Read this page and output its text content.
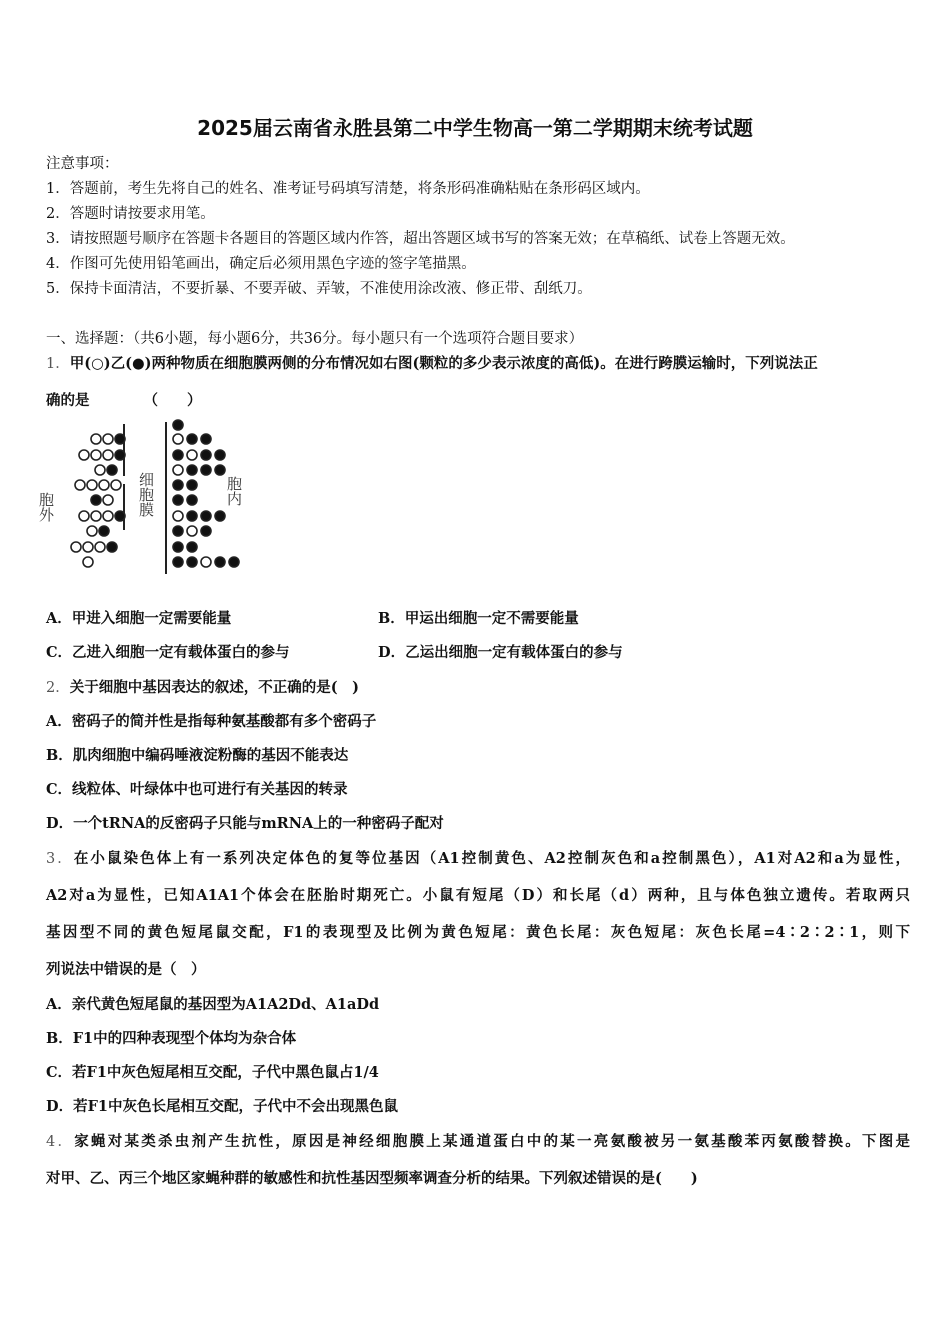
2025届云南省永胜县第二中学生物高一第二学期期末统考试题
注意事项：
1．答题前，考生先将自己的姓名、准考证号码填写清楚，将条形码准确粘贴在条形码区域内。
2．答题时请按要求用笔。
3．请按照题号顺序在答题卡各题目的答题区域内作答，超出答题区域书写的答案无效；在草稿纸、试卷上答题无效。
4．作图可先使用铅笔画出，确定后必须用黑色字迹的签字笔描黑。
5．保持卡面清洁，不要折暴、不要弄破、弄皱，不准使用涂改液、修正带、刮纸刀。
一、选择题：（共6小题，每小题6分，共36分。每小题只有一个选项符合题目要求）
1．甲(○)乙(●)两种物质在细胞膜两侧的分布情况如右图(颗粒的多少表示浓度的高低)。在进行跨膜运输时，下列说法正
确的是	（　　）
胞外	细胞膜	胞内
A．甲进入细胞一定需要能量	B．甲运出细胞一定不需要能量
C．乙进入细胞一定有载体蛋白的参与	D．乙运出细胞一定有载体蛋白的参与
2．关于细胞中基因表达的叙述，不正确的是(　)
A．密码子的简并性是指每种氨基酸都有多个密码子
B．肌肉细胞中编码唾液淀粉酶的基因不能表达
C．线粒体、叶绿体中也可进行有关基因的转录
D．一个tRNA的反密码子只能与mRNA上的一种密码子配对
3．在小鼠染色体上有一系列决定体色的复等位基因（A1控制黄色、A2控制灰色和a控制黑色），A1对A2和a为显性，
A2对a为显性，已知A1A1个体会在胚胎时期死亡。小鼠有短尾（D）和长尾（d）两种，且与体色独立遗传。若取两只
基因型不同的黄色短尾鼠交配，F1的表现型及比例为黄色短尾：黄色长尾：灰色短尾：灰色长尾=4∶2∶2∶1，则下
列说法中错误的是（　）
A．亲代黄色短尾鼠的基因型为A1A2Dd、A1aDd
B．F1中的四种表现型个体均为杂合体
C．若F1中灰色短尾相互交配，子代中黑色鼠占1/4
D．若F1中灰色长尾相互交配，子代中不会出现黑色鼠
4．家蝇对某类杀虫剂产生抗性，原因是神经细胞膜上某通道蛋白中的某一亮氨酸被另一氨基酸苯丙氨酸替换。下图是
对甲、乙、丙三个地区家蝇种群的敏感性和抗性基因型频率调查分析的结果。下列叙述错误的是(　　)
